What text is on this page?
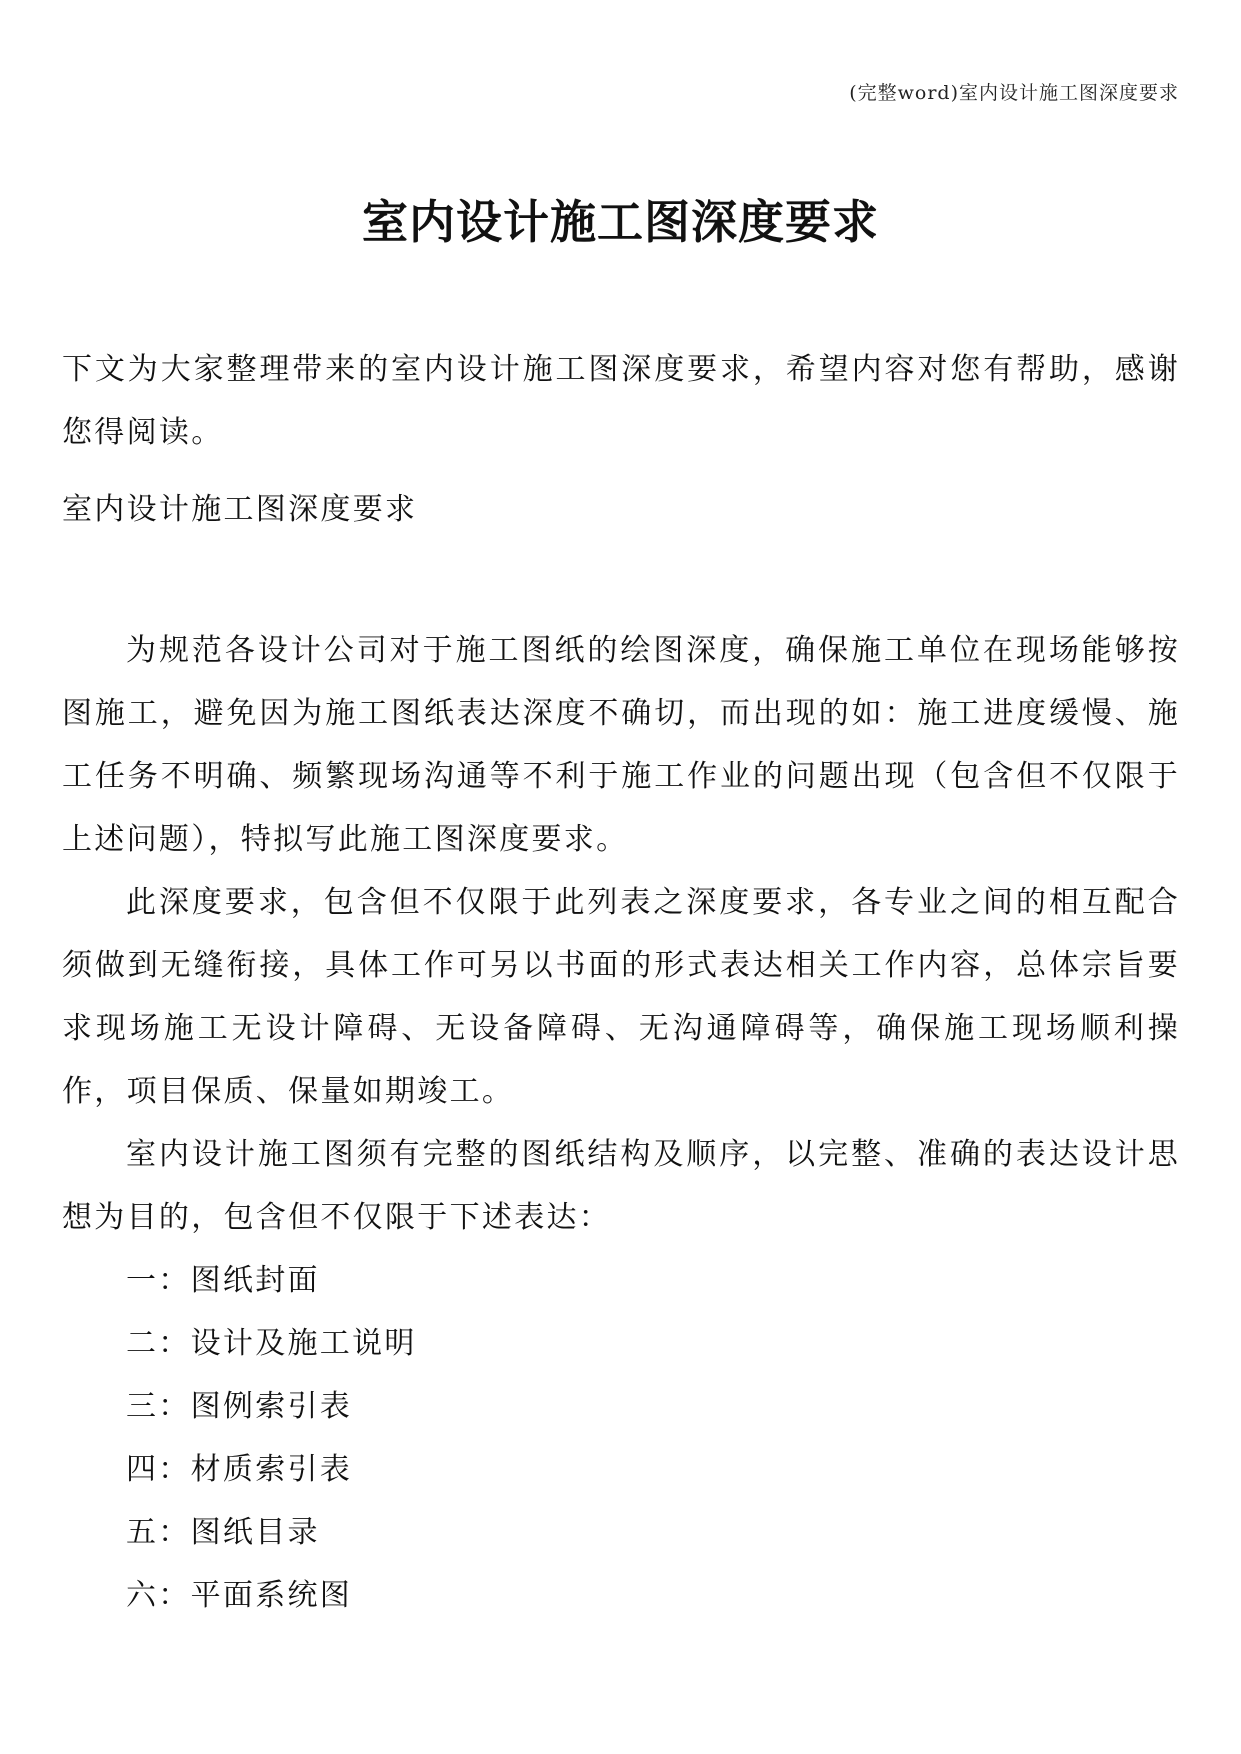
(完整word)室内设计施工图深度要求
室内设计施工图深度要求

下文为大家整理带来的室内设计施工图深度要求，希望内容对您有帮助，感谢您得阅读。

室内设计施工图深度要求

为规范各设计公司对于施工图纸的绘图深度，确保施工单位在现场能够按图施工，避免因为施工图纸表达深度不确切，而出现的如：施工进度缓慢、施工任务不明确、频繁现场沟通等不利于施工作业的问题出现（包含但不仅限于上述问题），特拟写此施工图深度要求。

此深度要求，包含但不仅限于此列表之深度要求，各专业之间的相互配合须做到无缝衔接，具体工作可另以书面的形式表达相关工作内容，总体宗旨要求现场施工无设计障碍、无设备障碍、无沟通障碍等，确保施工现场顺利操作，项目保质、保量如期竣工。

室内设计施工图须有完整的图纸结构及顺序，以完整、准确的表达设计思想为目的，包含但不仅限于下述表达：

一：图纸封面

二：设计及施工说明

三：图例索引表

四：材质索引表

五：图纸目录

六：平面系统图
